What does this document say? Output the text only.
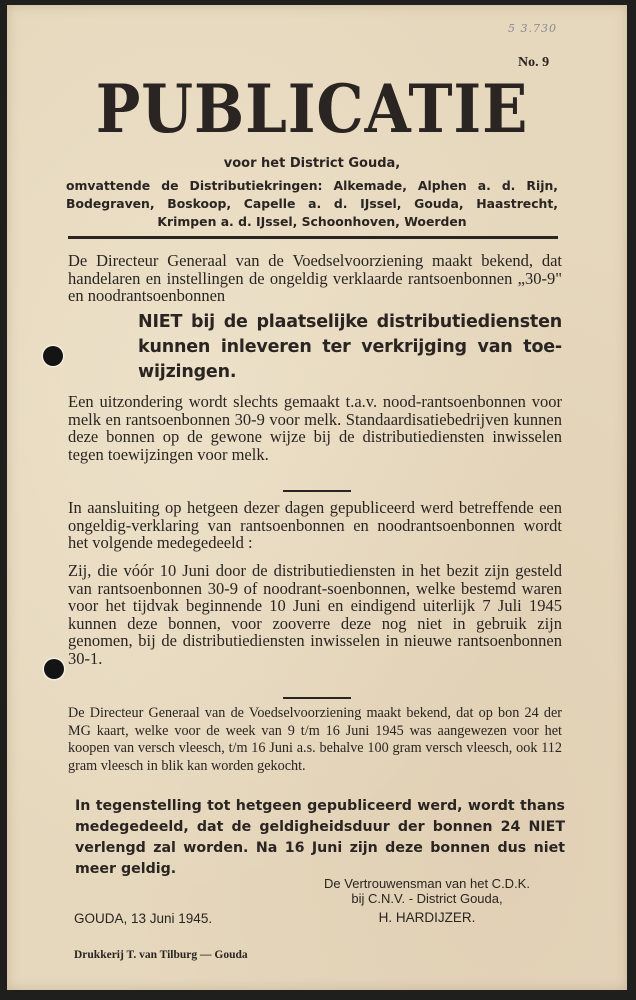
5 3.730
No. 9
PUBLICATIE
voor het District Gouda,
omvattende de Distributiekringen: Alkemade, Alphen a. d. Rijn, Bodegraven, Boskoop, Capelle a. d. IJssel, Gouda, Haastrecht, Krimpen a. d. IJssel, Schoonhoven, Woerden
De Directeur Generaal van de Voedselvoorziening maakt bekend, dat handelaren en instellingen de ongeldig verklaarde rantsoenbonnen „30-9" en noodrantsoenbonnen
NIET bij de plaatselijke distributiediensten kunnen inleveren ter verkrijging van toe-wijzingen.
Een uitzondering wordt slechts gemaakt t.a.v. nood-rantsoenbonnen voor melk en rantsoenbonnen 30-9 voor melk. Standaardisatiebedrijven kunnen deze bonnen op de gewone wijze bij de distributiediensten inwisselen tegen toewijzingen voor melk.
In aansluiting op hetgeen dezer dagen gepubliceerd werd betreffende een ongeldig-verklaring van rantsoenbonnen en noodrantsoenbonnen wordt het volgende medegedeeld :
Zij, die vóór 10 Juni door de distributiediensten in het bezit zijn gesteld van rantsoenbonnen 30-9 of noodrant-soenbonnen, welke bestemd waren voor het tijdvak beginnende 10 Juni en eindigend uiterlijk 7 Juli 1945 kunnen deze bonnen, voor zooverre deze nog niet in gebruik zijn genomen, bij de distributiediensten inwisselen in nieuwe rantsoenbonnen 30-1.
De Directeur Generaal van de Voedselvoorziening maakt bekend, dat op bon 24 der MG kaart, welke voor de week van 9 t/m 16 Juni 1945 was aangewezen voor het koopen van versch vleesch, t/m 16 Juni a.s. behalve 100 gram versch vleesch, ook 112 gram vleesch in blik kan worden gekocht.
In tegenstelling tot hetgeen gepubliceerd werd, wordt thans medegedeeld, dat de geldigheidsduur der bonnen 24 NIET verlengd zal worden. Na 16 Juni zijn deze bonnen dus niet meer geldig.
De Vertrouwensman van het C.D.K.
bij C.N.V. - District Gouda,
H. HARDIJZER.
GOUDA, 13 Juni 1945.
Drukkerij T. van Tilburg — Gouda
